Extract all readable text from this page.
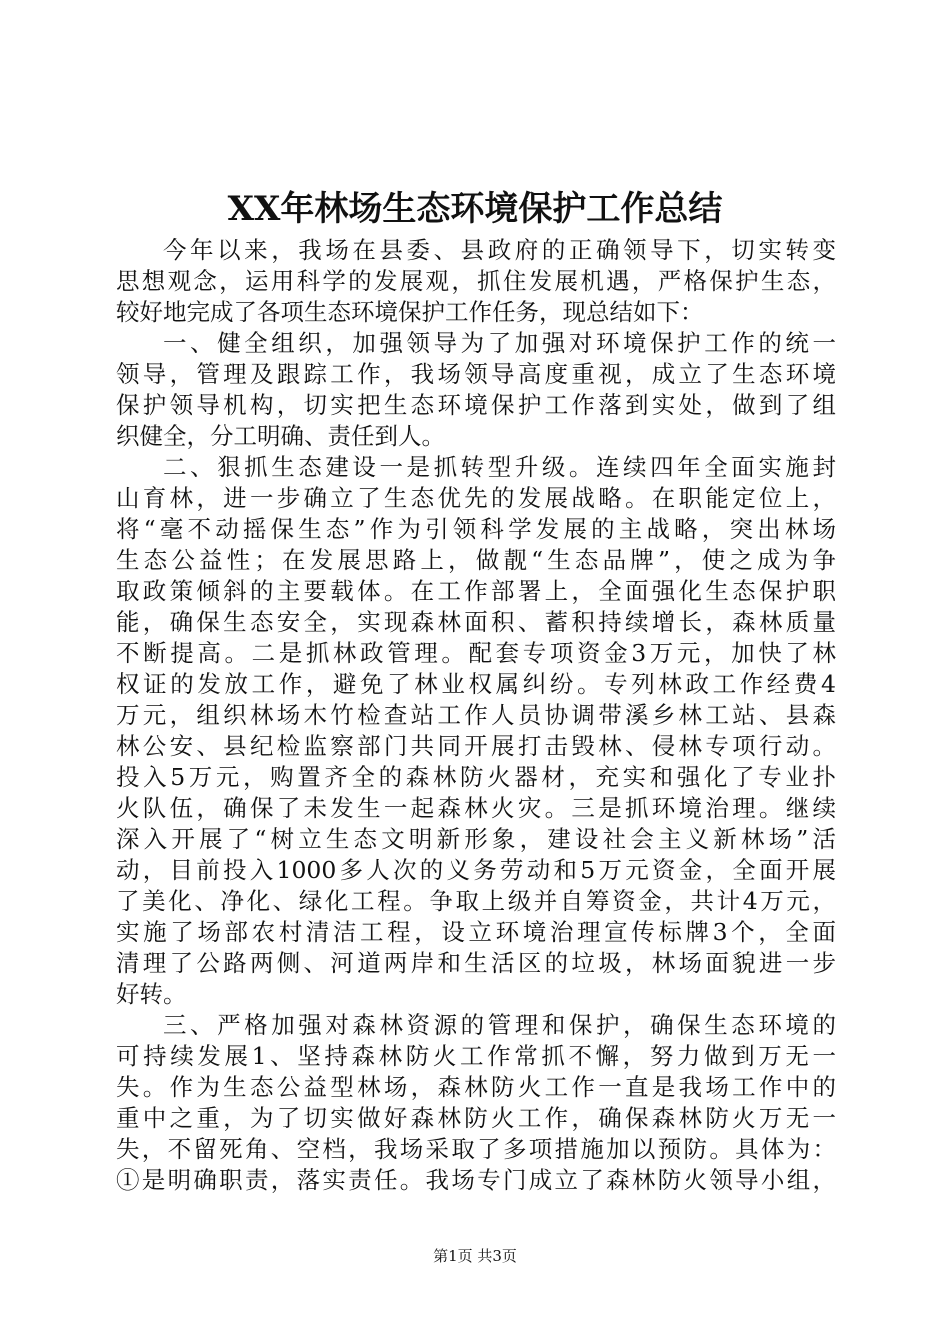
XX年林场生态环境保护工作总结
今年以来，我场在县委、县政府的正确领导下，切实转变
思想观念，运用科学的发展观，抓住发展机遇，严格保护生态，
较好地完成了各项生态环境保护工作任务，现总结如下：
一、健全组织，加强领导为了加强对环境保护工作的统一
领导，管理及跟踪工作，我场领导高度重视，成立了生态环境
保护领导机构，切实把生态环境保护工作落到实处，做到了组
织健全，分工明确、责任到人。
二、狠抓生态建设一是抓转型升级。连续四年全面实施封
山育林，进一步确立了生态优先的发展战略。在职能定位上，
将“毫不动摇保生态”作为引领科学发展的主战略，突出林场
生态公益性；在发展思路上，做靓“生态品牌”，使之成为争
取政策倾斜的主要载体。在工作部署上，全面强化生态保护职
能，确保生态安全，实现森林面积、蓄积持续增长，森林质量
不断提高。二是抓林政管理。配套专项资金3万元，加快了林
权证的发放工作，避免了林业权属纠纷。专列林政工作经费4
万元，组织林场木竹检查站工作人员协调带溪乡林工站、县森
林公安、县纪检监察部门共同开展打击毁林、侵林专项行动。
投入5万元，购置齐全的森林防火器材，充实和强化了专业扑
火队伍，确保了未发生一起森林火灾。三是抓环境治理。继续
深入开展了“树立生态文明新形象，建设社会主义新林场”活
动，目前投入1000多人次的义务劳动和5万元资金，全面开展
了美化、净化、绿化工程。争取上级并自筹资金，共计4万元，
实施了场部农村清洁工程，设立环境治理宣传标牌3个，全面
清理了公路两侧、河道两岸和生活区的垃圾，林场面貌进一步
好转。
三、严格加强对森林资源的管理和保护，确保生态环境的
可持续发展1、坚持森林防火工作常抓不懈，努力做到万无一
失。作为生态公益型林场，森林防火工作一直是我场工作中的
重中之重，为了切实做好森林防火工作，确保森林防火万无一
失，不留死角、空档，我场采取了多项措施加以预防。具体为：
①是明确职责，落实责任。我场专门成立了森林防火领导小组，
第1页 共3页
